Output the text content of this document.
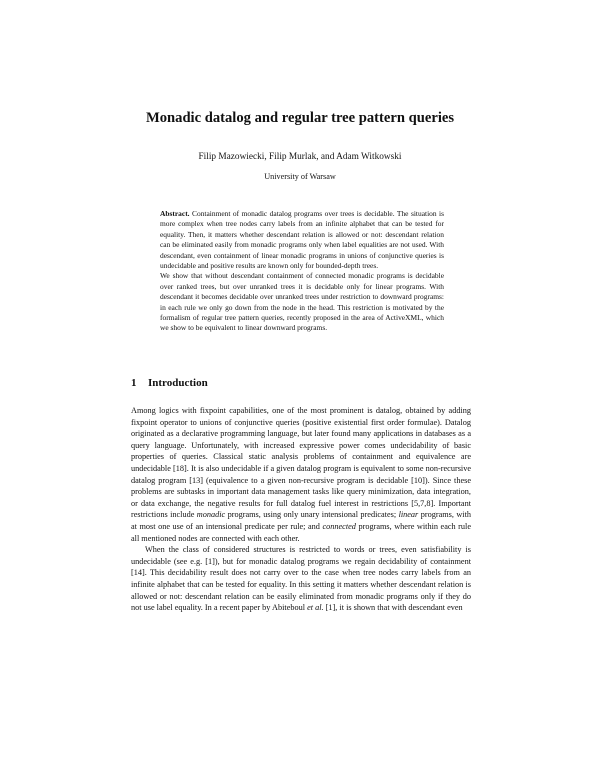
Monadic datalog and regular tree pattern queries
Filip Mazowiecki, Filip Murlak, and Adam Witkowski
University of Warsaw

Abstract. Containment of monadic datalog programs over trees is decidable. The situation is more complex when tree nodes carry labels from an infinite alphabet that can be tested for equality. Then, it matters whether descendant relation is allowed or not: descendant relation can be eliminated easily from monadic programs only when label equalities are not used. With descendant, even containment of linear monadic programs in unions of conjunctive queries is undecidable and positive results are known only for bounded-depth trees.

We show that without descendant containment of connected monadic programs is decidable over ranked trees, but over unranked trees it is decidable only for linear programs. With descendant it becomes decidable over unranked trees under restriction to downward programs: in each rule we only go down from the node in the head. This restriction is motivated by the formalism of regular tree pattern queries, recently proposed in the area of ActiveXML, which we show to be equivalent to linear downward programs.

1 Introduction

Among logics with fixpoint capabilities, one of the most prominent is datalog, obtained by adding fixpoint operator to unions of conjunctive queries (positive existential first order formulae). Datalog originated as a declarative programming language, but later found many applications in databases as a query language. Unfortunately, with increased expressive power comes undecidability of basic properties of queries. Classical static analysis problems of containment and equivalence are undecidable [18]. It is also undecidable if a given datalog program is equivalent to some non-recursive datalog program [13] (equivalence to a given non-recursive program is decidable [10]). Since these problems are subtasks in important data management tasks like query minimization, data integration, or data exchange, the negative results for full datalog fuel interest in restrictions [5,7,8]. Important restrictions include monadic programs, using only unary intensional predicates; linear programs, with at most one use of an intensional predicate per rule; and connected programs, where within each rule all mentioned nodes are connected with each other.

When the class of considered structures is restricted to words or trees, even satisfiability is undecidable (see e.g. [1]), but for monadic datalog programs we regain decidability of containment [14]. This decidability result does not carry over to the case when tree nodes carry labels from an infinite alphabet that can be tested for equality. In this setting it matters whether descendant relation is allowed or not: descendant relation can be easily eliminated from monadic programs only if they do not use label equality. In a recent paper by Abiteboul et al. [1], it is shown that with descendant even
